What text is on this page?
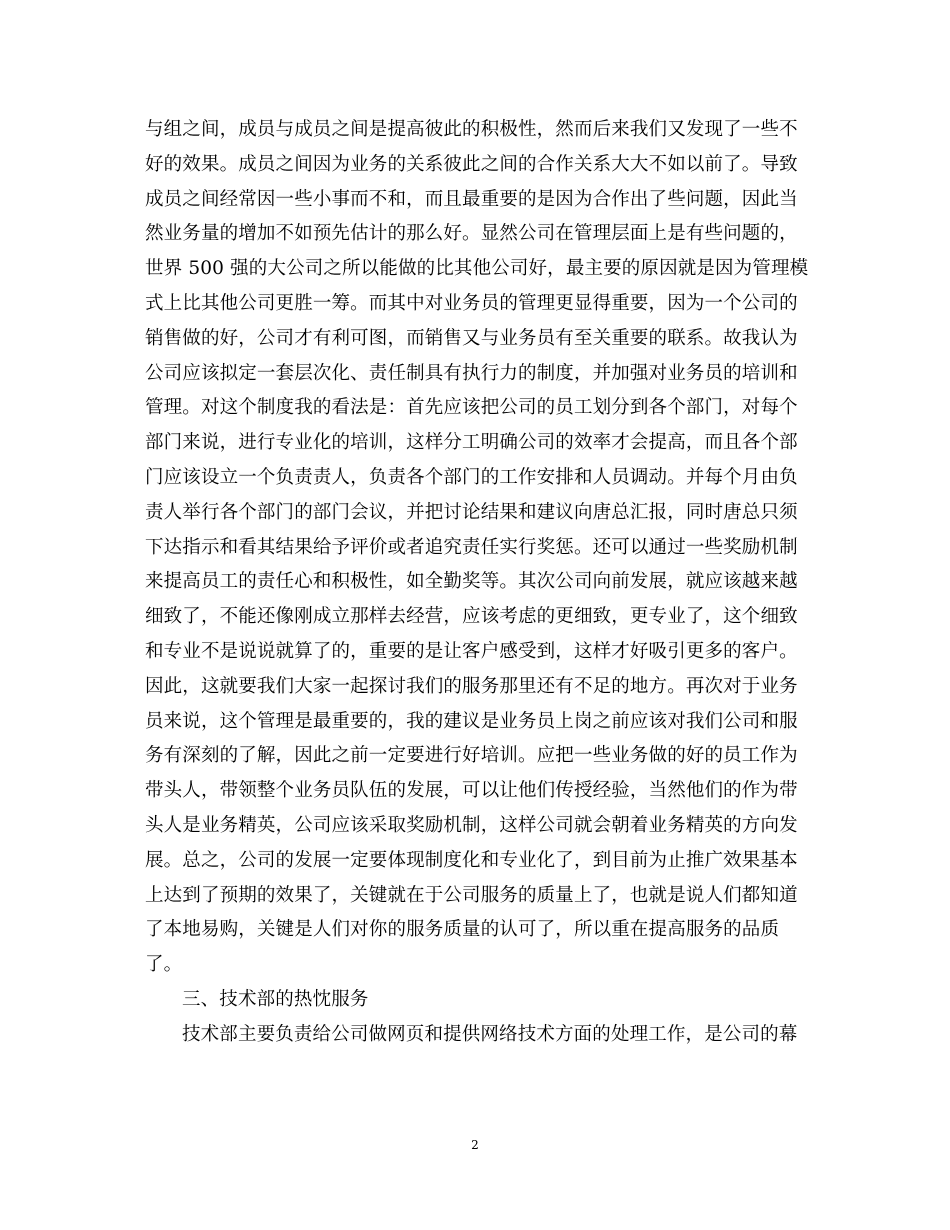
与组之间，成员与成员之间是提高彼此的积极性，然而后来我们又发现了一些不
好的效果。成员之间因为业务的关系彼此之间的合作关系大大不如以前了。导致
成员之间经常因一些小事而不和，而且最重要的是因为合作出了些问题，因此当
然业务量的增加不如预先估计的那么好。显然公司在管理层面上是有些问题的，
世界 500 强的大公司之所以能做的比其他公司好，最主要的原因就是因为管理模
式上比其他公司更胜一筹。而其中对业务员的管理更显得重要，因为一个公司的
销售做的好，公司才有利可图，而销售又与业务员有至关重要的联系。故我认为
公司应该拟定一套层次化、责任制具有执行力的制度，并加强对业务员的培训和
管理。对这个制度我的看法是：首先应该把公司的员工划分到各个部门，对每个
部门来说，进行专业化的培训，这样分工明确公司的效率才会提高，而且各个部
门应该设立一个负责责人，负责各个部门的工作安排和人员调动。并每个月由负
责人举行各个部门的部门会议，并把讨论结果和建议向唐总汇报，同时唐总只须
下达指示和看其结果给予评价或者追究责任实行奖惩。还可以通过一些奖励机制
来提高员工的责任心和积极性，如全勤奖等。其次公司向前发展，就应该越来越
细致了，不能还像刚成立那样去经营，应该考虑的更细致，更专业了，这个细致
和专业不是说说就算了的，重要的是让客户感受到，这样才好吸引更多的客户。
因此，这就要我们大家一起探讨我们的服务那里还有不足的地方。再次对于业务
员来说，这个管理是最重要的，我的建议是业务员上岗之前应该对我们公司和服
务有深刻的了解，因此之前一定要进行好培训。应把一些业务做的好的员工作为
带头人，带领整个业务员队伍的发展，可以让他们传授经验，当然他们的作为带
头人是业务精英，公司应该采取奖励机制，这样公司就会朝着业务精英的方向发
展。总之，公司的发展一定要体现制度化和专业化了，到目前为止推广效果基本
上达到了预期的效果了，关键就在于公司服务的质量上了，也就是说人们都知道
了本地易购，关键是人们对你的服务质量的认可了，所以重在提高服务的品质
了。
三、技术部的热忱服务
技术部主要负责给公司做网页和提供网络技术方面的处理工作，是公司的幕
2
